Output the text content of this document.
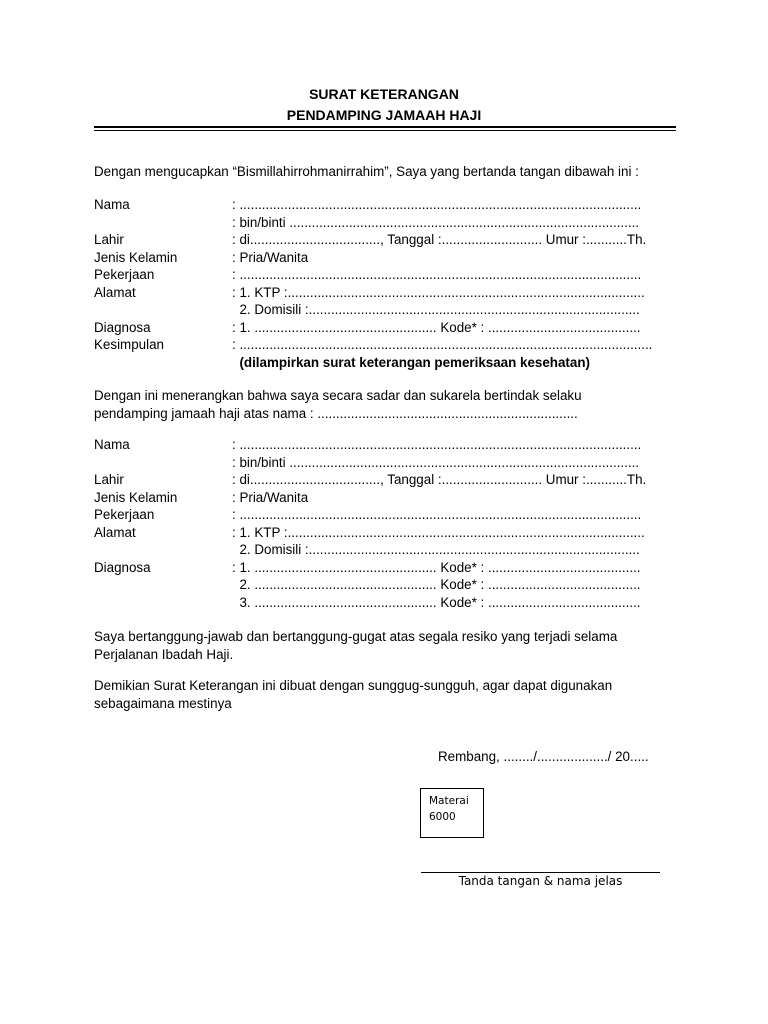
SURAT KETERANGAN
PENDAMPING JAMAAH HAJI
Dengan mengucapkan “Bismillahirrohmanirrahim”, Saya yang bertanda tangan dibawah ini :
Nama	: ............................................................................................................
: bin/binti ..............................................................................................
Lahir	: di..................................., Tanggal :........................... Umur :...........Th.
Jenis Kelamin	: Pria/Wanita
Pekerjaan	: ............................................................................................................
Alamat	: 1. KTP :................................................................................................
2. Domisili :.........................................................................................
Diagnosa	: 1. ................................................. Kode* : .........................................
Kesimpulan	: ...............................................................................................................
(dilampirkan surat keterangan pemeriksaan kesehatan)
Dengan ini menerangkan bahwa saya secara sadar dan sukarela bertindak selaku
pendamping jamaah haji atas nama : ......................................................................
Nama	: ............................................................................................................
: bin/binti ..............................................................................................
Lahir	: di..................................., Tanggal :........................... Umur :...........Th.
Jenis Kelamin	: Pria/Wanita
Pekerjaan	: ............................................................................................................
Alamat	: 1. KTP :................................................................................................
2. Domisili :.........................................................................................
Diagnosa	: 1. ................................................. Kode* : .........................................
2. ................................................. Kode* : .........................................
3. ................................................. Kode* : .........................................
Saya bertanggung-jawab dan bertanggung-gugat atas segala resiko yang terjadi selama
Perjalanan Ibadah Haji.
Demikian Surat Keterangan ini dibuat dengan sunggug-sungguh, agar dapat digunakan
sebagaimana mestinya
Rembang, ......../.................../ 20.....
Materai
6000
Tanda tangan & nama jelas
